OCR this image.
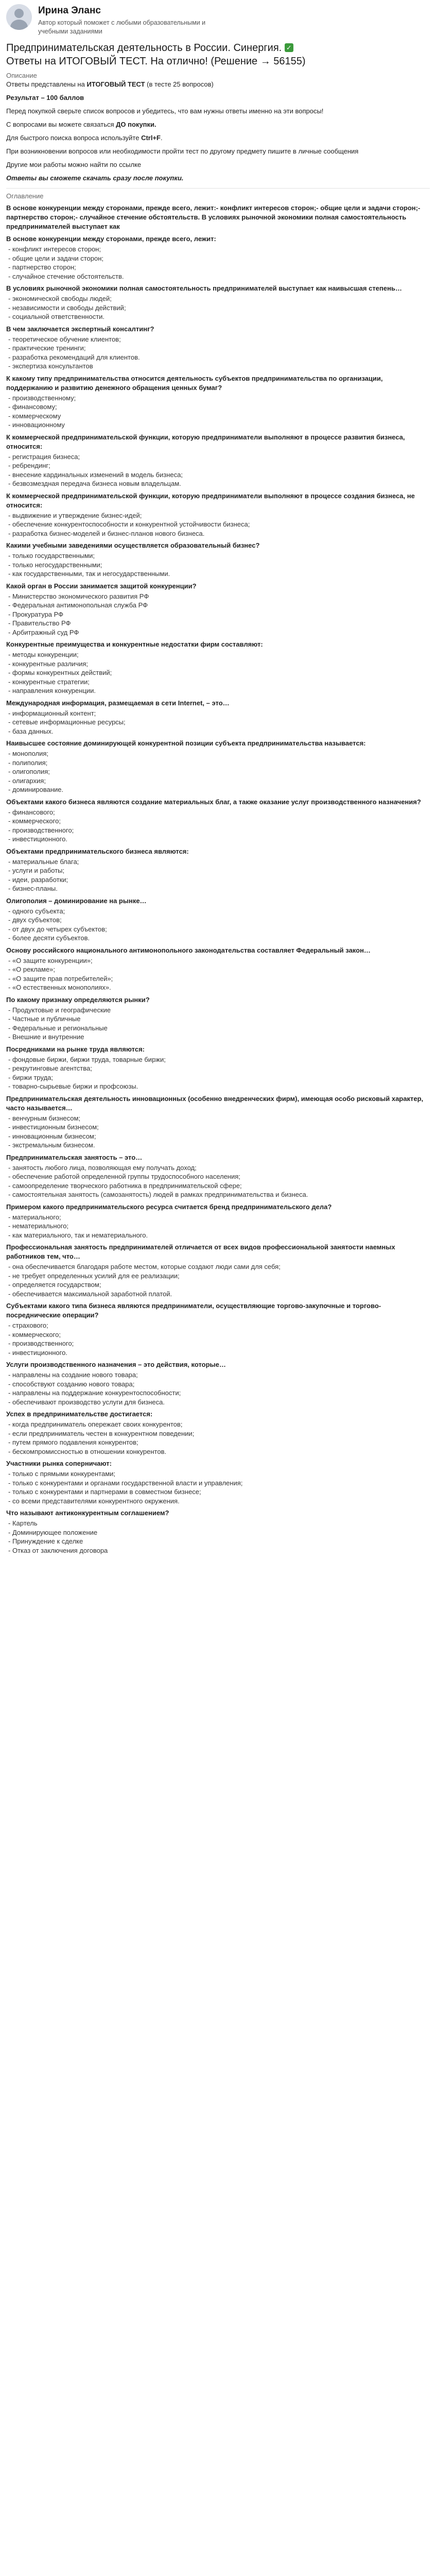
Ирина Эланс
Автор который поможет с любыми образовательными и учебными заданиями
Предпринимательская деятельность в России. Синергия. ✓
Ответы на ИТОГОВЫЙ ТЕСТ. На отлично! (Решение → 56155)
Описание

Ответы представлены на ИТОГОВЫЙ ТЕСТ (в тесте 25 вопросов)

Результат – 100 баллов

Перед покупкой сверьте список вопросов и убедитесь, что вам нужны ответы именно на эти вопросы!

С вопросами вы можете связаться ДО покупки.

Для быстрого поиска вопроса используйте Ctrl+F.

При возникновении вопросов или необходимости пройти тест по другому предмету пишите в личные сообщения

Другие мои работы можно найти по ссылке

Ответы вы сможете скачать сразу после покупки.

Оглавление
В основе конкуренции между сторонами, прежде всего, лежит:- конфликт интересов сторон;- общие цели и задачи сторон;- партнерство сторон;- случайное стечение обстоятельств. В условиях рыночной экономики полная самостоятельность предпринимателей выступает как
В основе конкуренции между сторонами, прежде всего, лежит:
- конфликт интересов сторон;
- общие цели и задачи сторон;
- партнерство сторон;
- случайное стечение обстоятельств.
В условиях рыночной экономики полная самостоятельность предпринимателей выступает как наивысшая степень…
- экономической свободы людей;
- независимости и свободы действий;
- социальной ответственности.
В чем заключается экспертный консалтинг?
- теоретическое обучение клиентов;
- практические тренинги;
- разработка рекомендаций для клиентов.
- экспертиза консультантов
К какому типу предпринимательства относится деятельность субъектов предпринимательства по организации, поддержанию и развитию денежного обращения ценных бумаг?
- производственному;
- финансовому;
- коммерческому
- инновационному
К коммерческой предпринимательской функции, которую предприниматели выполняют в процессе развития бизнеса, относится:
- регистрация бизнеса;
- ребрендинг;
- внесение кардинальных изменений в модель бизнеса;
- безвозмездная передача бизнеса новым владельцам.
К коммерческой предпринимательской функции, которую предприниматели выполняют в процессе создания бизнеса, не относится:
- выдвижение и утверждение бизнес-идей;
- обеспечение конкурентоспособности и конкурентной устойчивости бизнеса;
- разработка бизнес-моделей и бизнес-планов нового бизнеса.
Какими учебными заведениями осуществляется образовательный бизнес?
- только государственными;
- только негосударственными;
- как государственными, так и негосударственными.
Какой орган в России занимается защитой конкуренции?
- Министерство экономического развития РФ
- Федеральная антимонопольная служба РФ
- Прокуратура РФ
- Правительство РФ
- Арбитражный суд РФ
Конкурентные преимущества и конкурентные недостатки фирм составляют:
- методы конкуренции;
- конкурентные различия;
- формы конкурентных действий;
- конкурентные стратегии;
- направления конкуренции.
Международная информация, размещаемая в сети Internet, – это…
- информационный контент;
- сетевые информационные ресурсы;
- база данных.
Наивысшее состояние доминирующей конкурентной позиции субъекта предпринимательства называется:
- монополия;
- полиполия;
- олигополия;
- олигархия;
- доминирование.
Объектами какого бизнеса являются создание материальных благ, а также оказание услуг производственного назначения?
- финансового;
- коммерческого;
- производственного;
- инвестиционного.
Объектами предпринимательского бизнеса являются:
- материальные блага;
- услуги и работы;
- идеи, разработки;
- бизнес-планы.
Олигополия – доминирование на рынке…
- одного субъекта;
- двух субъектов;
- от двух до четырех субъектов;
- более десяти субъектов.
Основу российского национального антимонопольного законодательства составляет Федеральный закон…
- «О защите конкуренции»;
- «О рекламе»;
- «О защите прав потребителей»;
- «О естественных монополиях».
По какому признаку определяются рынки?
- Продуктовые и географические
- Частные и публичные
- Федеральные и региональные
- Внешние и внутренние
Посредниками на рынке труда являются:
- фондовые биржи, биржи труда, товарные биржи;
- рекрутинговые агентства;
- биржи труда;
- товарно-сырьевые биржи и профсоюзы.
Предпринимательская деятельность инновационных (особенно внедренческих фирм), имеющая особо рисковый характер, часто называется…
- венчурным бизнесом;
- инвестиционным бизнесом;
- инновационным бизнесом;
- экстремальным бизнесом.
Предпринимательская занятость – это…
- занятость любого лица, позволяющая ему получать доход;
- обеспечение работой определенной группы трудоспособного населения;
- самоопределение творческого работника в предпринимательской сфере;
- самостоятельная занятость (самозанятость) людей в рамках предпринимательства и бизнеса.
Примером какого предпринимательского ресурса считается бренд предпринимательского дела?
- материального;
- нематериального;
- как материального, так и нематериального.
Профессиональная занятость предпринимателей отличается от всех видов профессиональной занятости наемных работников тем, что…
- она обеспечивается благодаря работе местом, которые создают люди сами для себя;
- не требует определенных усилий для ее реализации;
- определяется государством;
- обеспечивается максимальной заработной платой.
Субъектами какого типа бизнеса являются предприниматели, осуществляющие торгово-закупочные и торгово-посреднические операции?
- страхового;
- коммерческого;
- производственного;
- инвестиционного.
Услуги производственного назначения – это действия, которые…
- направлены на создание нового товара;
- способствуют созданию нового товара;
- направлены на поддержание конкурентоспособности;
- обеспечивают производство услуги для бизнеса.
Успех в предпринимательстве достигается:
- когда предприниматель опережает своих конкурентов;
- если предприниматель честен в конкурентном поведении;
- путем прямого подавления конкурентов;
- бескомпромиссностью в отношении конкурентов.
Участники рынка соперничают:
- только с прямыми конкурентами;
- только с конкурентами и органами государственной власти и управления;
- только с конкурентами и партнерами в совместном бизнесе;
- со всеми представителями конкурентного окружения.
Что называют антиконкурентным соглашением?
- Картель
- Доминирующее положение
- Принуждение к сделке
- Отказ от заключения договора
